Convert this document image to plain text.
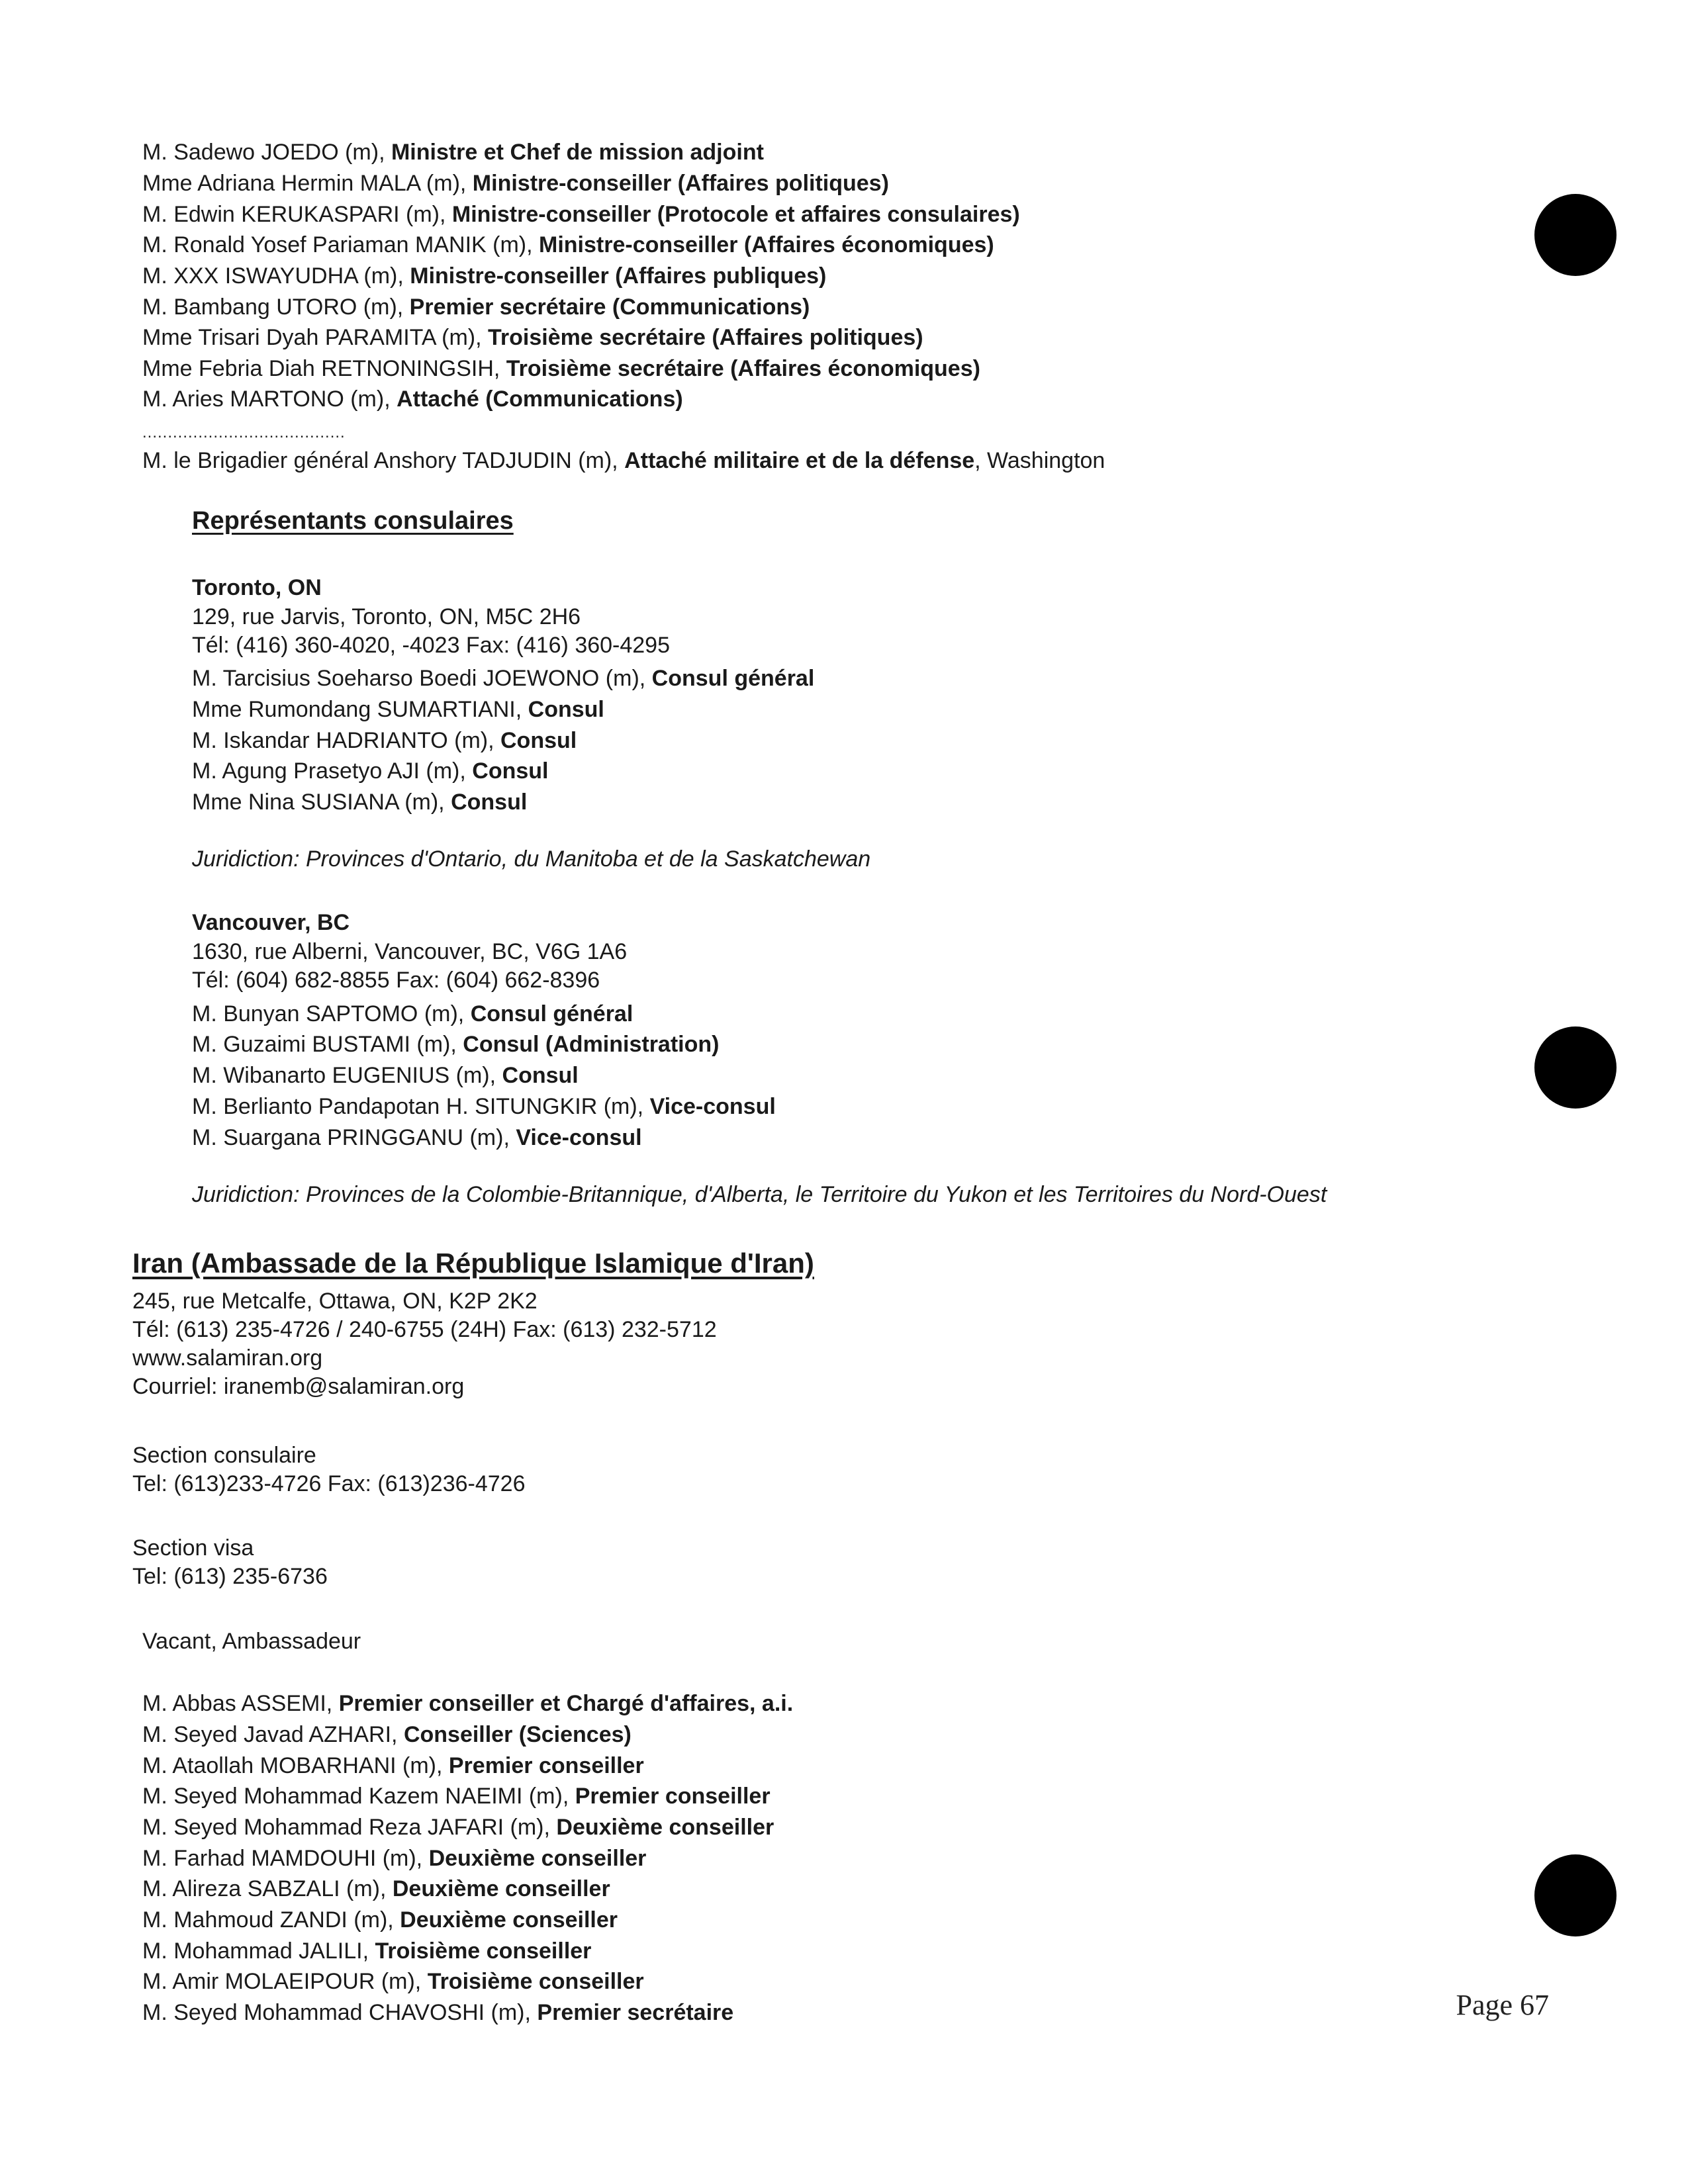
M. Sadewo JOEDO (m), Ministre et Chef de mission adjoint
Mme Adriana Hermin MALA (m), Ministre-conseiller (Affaires politiques)
M. Edwin KERUKASPARI (m), Ministre-conseiller (Protocole et affaires consulaires)
M. Ronald Yosef Pariaman MANIK (m), Ministre-conseiller (Affaires économiques)
M. XXX ISWAYUDHA (m), Ministre-conseiller (Affaires publiques)
M. Bambang UTORO (m), Premier secrétaire (Communications)
Mme Trisari Dyah PARAMITA (m), Troisième secrétaire (Affaires politiques)
Mme Febria Diah RETNONINGSIH, Troisième secrétaire (Affaires économiques)
M. Aries MARTONO (m), Attaché (Communications)
........................................
M. le Brigadier général Anshory TADJUDIN (m), Attaché militaire et de la défense, Washington
Représentants consulaires
Toronto, ON
129, rue Jarvis, Toronto, ON, M5C 2H6
Tél: (416) 360-4020, -4023 Fax: (416) 360-4295
M. Tarcisius Soeharso Boedi JOEWONO (m), Consul général
Mme Rumondang SUMARTIANI, Consul
M. Iskandar HADRIANTO (m), Consul
M. Agung Prasetyo AJI (m), Consul
Mme Nina SUSIANA (m), Consul
Juridiction: Provinces d'Ontario, du Manitoba et de la Saskatchewan
Vancouver, BC
1630, rue Alberni, Vancouver, BC, V6G 1A6
Tél: (604) 682-8855 Fax: (604) 662-8396
M. Bunyan SAPTOMO (m), Consul général
M. Guzaimi BUSTAMI (m), Consul (Administration)
M. Wibanarto EUGENIUS (m), Consul
M. Berlianto Pandapotan H. SITUNGKIR (m), Vice-consul
M. Suargana PRINGGANU (m), Vice-consul
Juridiction: Provinces de la Colombie-Britannique, d'Alberta, le Territoire du Yukon et les Territoires du Nord-Ouest
Iran (Ambassade de la République Islamique d'Iran)
245, rue Metcalfe, Ottawa, ON, K2P 2K2
Tél: (613) 235-4726 / 240-6755 (24H) Fax: (613) 232-5712
www.salamiran.org
Courriel: iranemb@salamiran.org
Section consulaire
Tel: (613)233-4726 Fax: (613)236-4726
Section visa
Tel: (613) 235-6736
Vacant, Ambassadeur
M. Abbas ASSEMI, Premier conseiller et Chargé d'affaires, a.i.
M. Seyed Javad AZHARI, Conseiller (Sciences)
M. Ataollah MOBARHANI (m), Premier conseiller
M. Seyed Mohammad Kazem NAEIMI (m), Premier conseiller
M. Seyed Mohammad Reza JAFARI (m), Deuxième conseiller
M. Farhad MAMDOUHI (m), Deuxième conseiller
M. Alireza SABZALI (m), Deuxième conseiller
M. Mahmoud ZANDI (m), Deuxième conseiller
M. Mohammad JALILI, Troisième conseiller
M. Amir MOLAEIPOUR (m), Troisième conseiller
M. Seyed Mohammad CHAVOSHI (m), Premier secrétaire	Page 67
